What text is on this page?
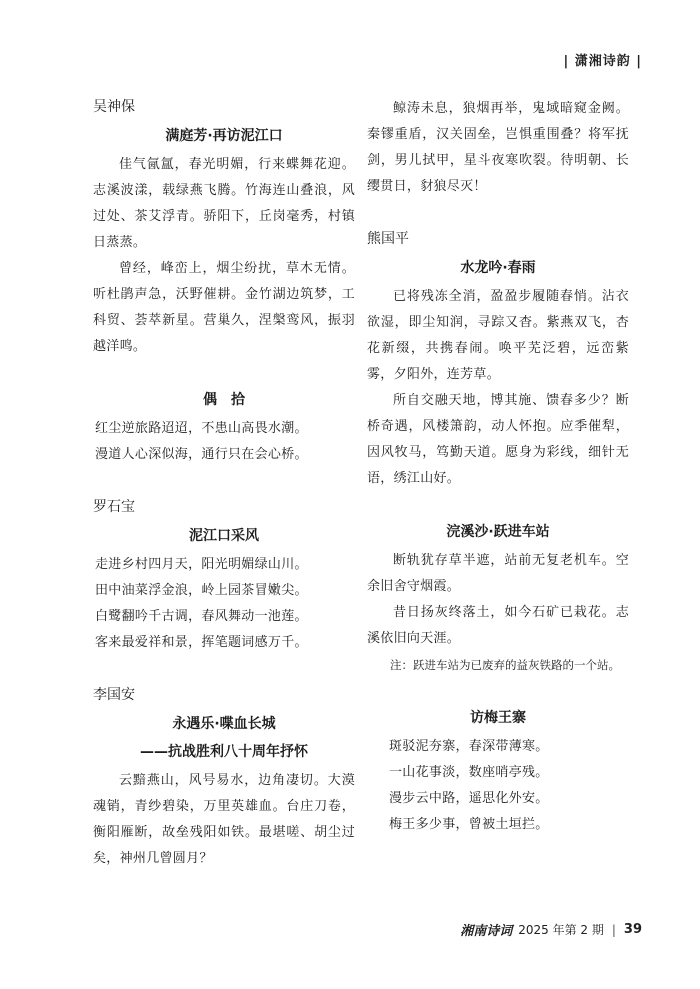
| 潇湘诗韵 |
吴神保
满庭芳·再访泥江口

佳气氤氲，春光明媚，行来蝶舞花迎。志溪波漾，载绿燕飞腾。竹海连山叠浪，风过处、茶艾浮青。骄阳下，丘岗毫秀，村镇日蒸蒸。

曾经，峰峦上，烟尘纷扰，草木无情。听杜鹃声急，沃野催耕。金竹湖边筑梦，工科贸、荟萃新星。营巢久，涅槃鸾风，振羽越洋鸣。

偶　拾

红尘逆旅路迢迢，不患山高畏水潮。

漫道人心深似海，通行只在会心桥。

罗石宝
泥江口采风

走进乡村四月天，阳光明媚绿山川。

田中油菜浮金浪，岭上园茶冒嫩尖。

白鹭翻吟千古调，春风舞动一池莲。

客来最爱祥和景，挥笔题词感万千。

李国安
永遇乐·喋血长城
——抗战胜利八十周年抒怀

云黯燕山，风号易水，边角凄切。大漠魂销，青纱碧染，万里英雄血。台庄刀卷，衡阳雁断，故垒残阳如铁。最堪嗟、胡尘过矣，神州几曾圆月？

鲸涛未息，狼烟再举，鬼域暗窥金阙。秦镠重盾，汉关固垒，岂惧重围叠？将军抚剑，男儿拭甲，星斗夜寒吹裂。待明朝、长缨贯日，豺狼尽灭！

熊国平
水龙吟·春雨

已将残冻全消，盈盈步履随春悄。沾衣欲湿，即尘知润，寻踪又杳。紫燕双飞，杏花新缀，共携春闹。唤平芜泛碧，远峦紫雾，夕阳外，连芳草。

所自交融天地，博其施、馈春多少？断桥奇遇，风楼箫韵，动人怀抱。应季催犁，因风牧马，笃勤天道。愿身为彩线，细针无语，绣江山好。

浣溪沙·跃进车站

断轨犹存草半遮，站前无复老机车。空余旧舍守烟霞。

昔日扬灰终落土，如今石矿已栽花。志溪依旧向天涯。

注：跃进车站为已废弃的益灰铁路的一个站。

访梅王寨

斑驳泥夯寨，春深带薄寒。

一山花事淡，数座哨亭残。

漫步云中路，遥思化外安。

梅王多少事，曾被土垣拦。

湘南诗词 2025 年第 2 期 | 39
